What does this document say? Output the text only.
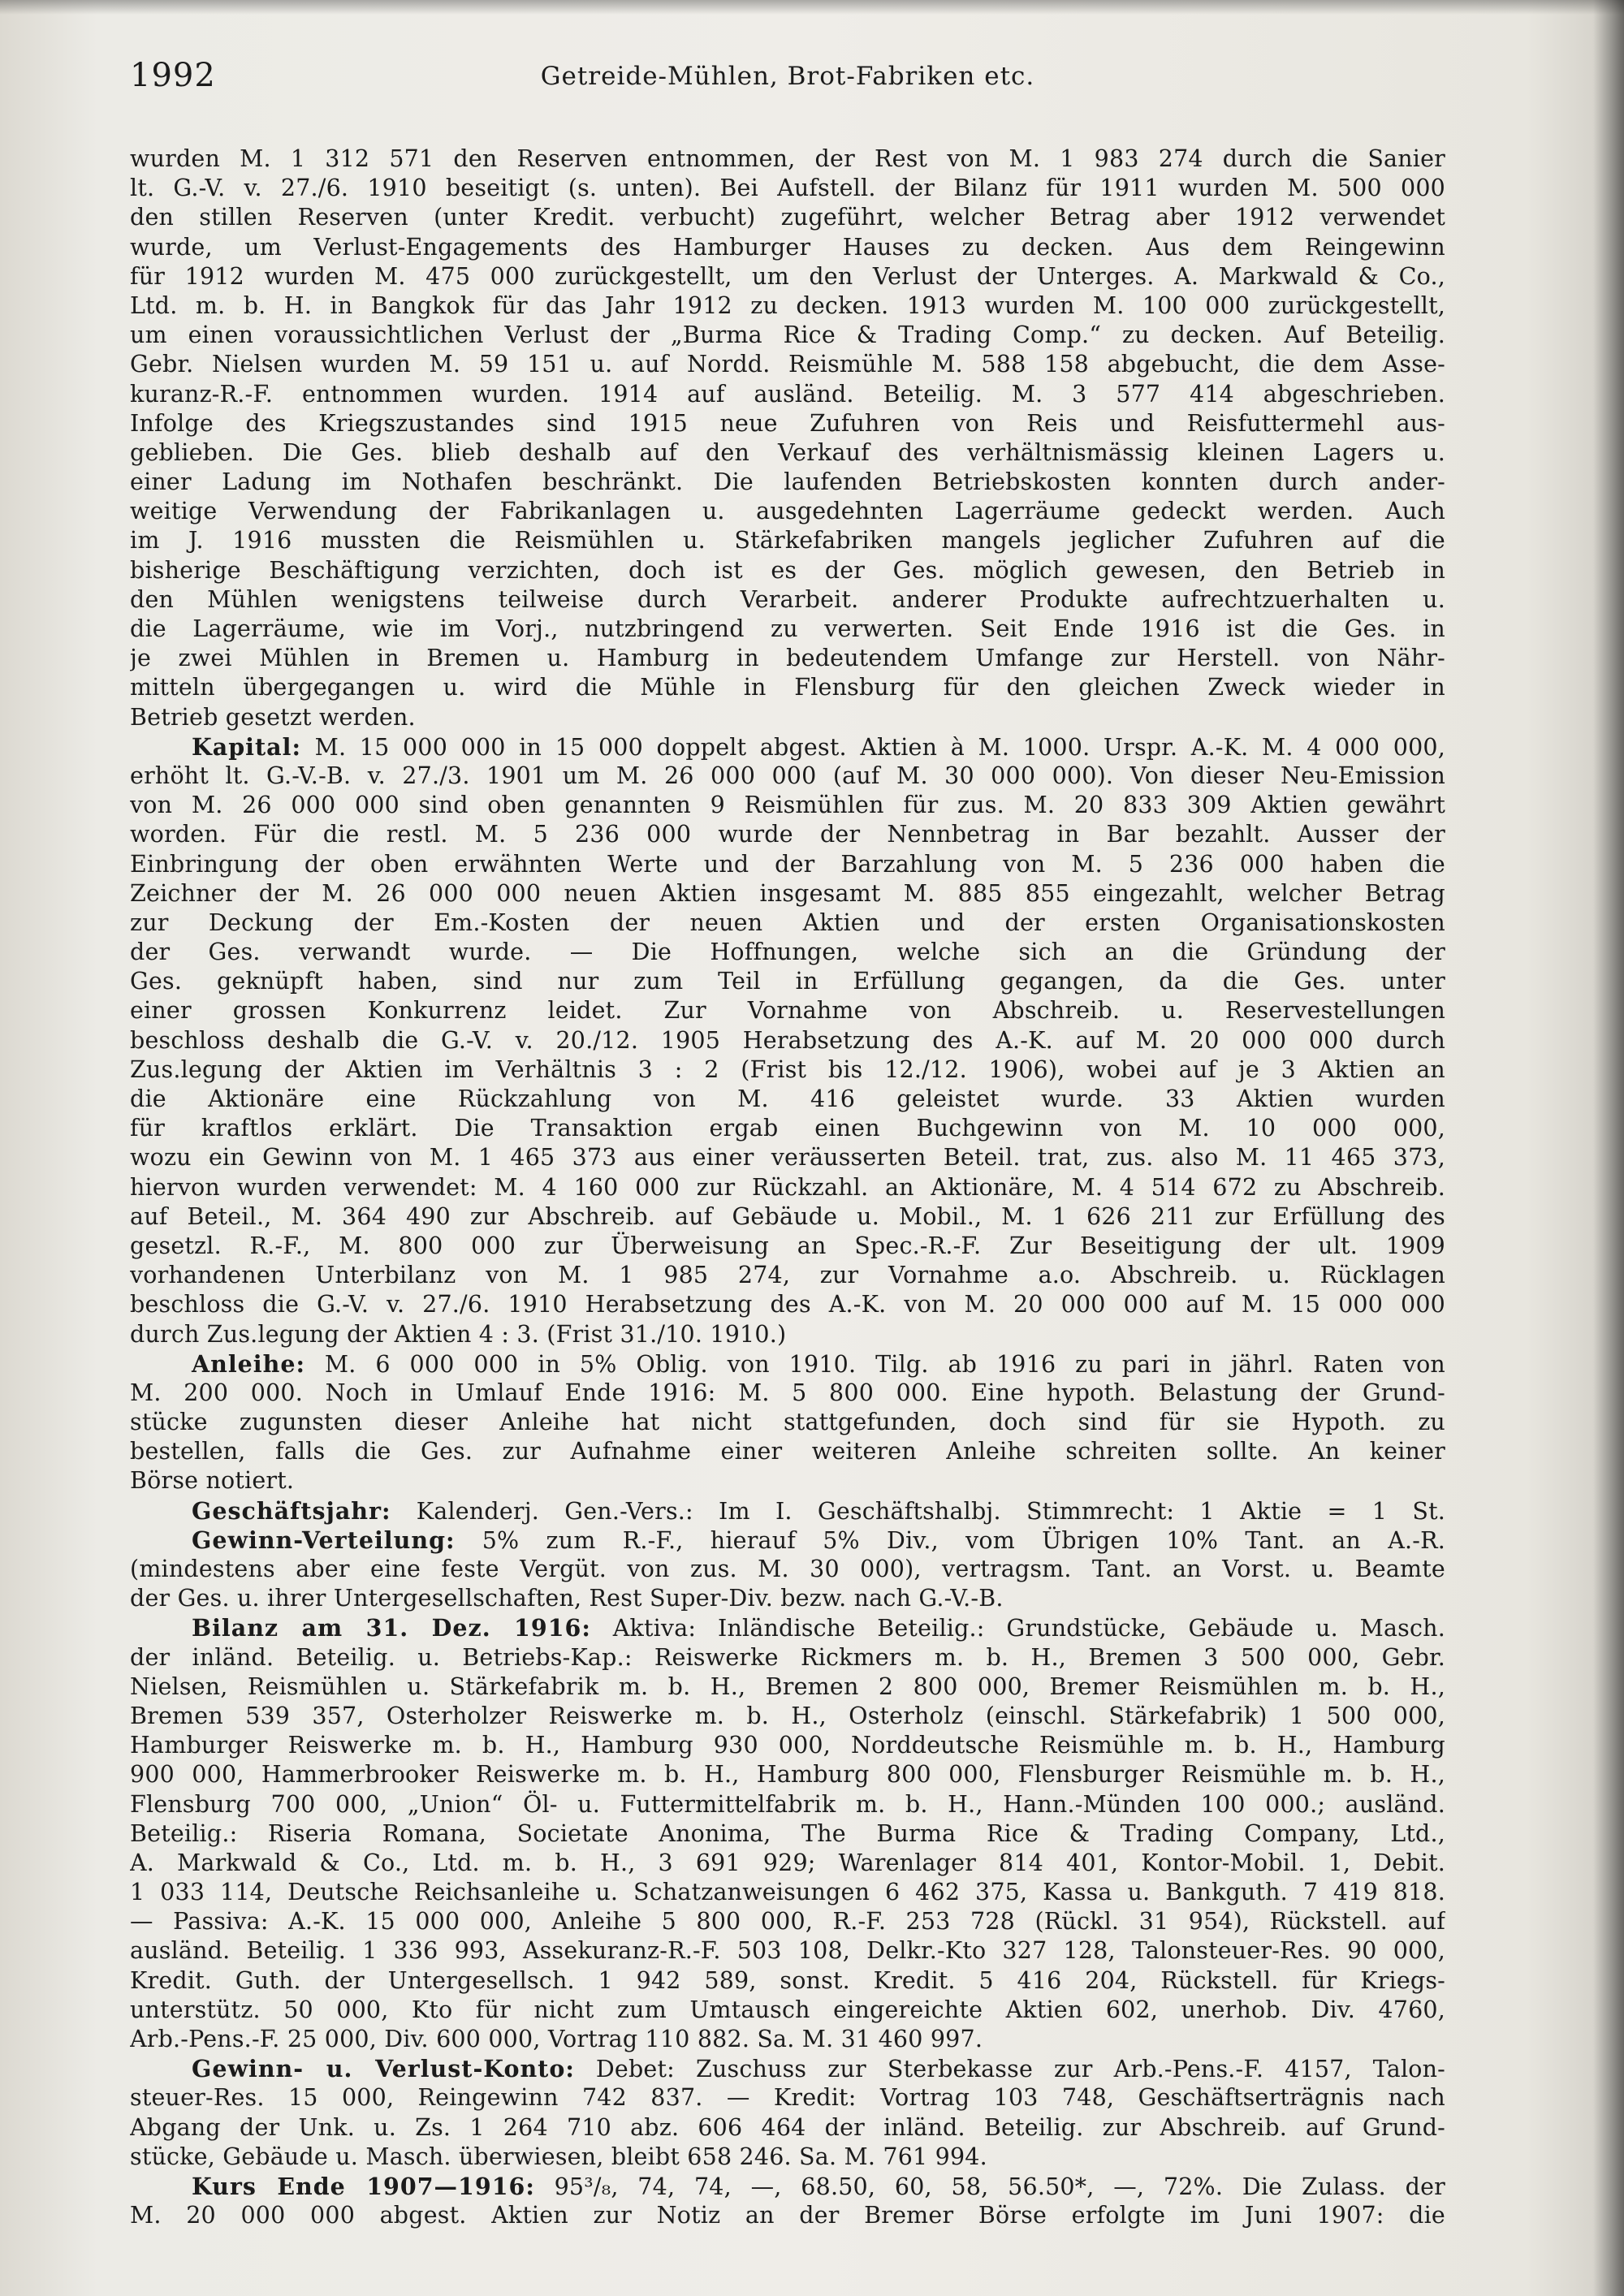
1992	Getreide-Mühlen, Brot-Fabriken etc.
wurden M. 1 312 571 den Reserven entnommen, der Rest von M. 1 983 274 durch die Sanier
lt. G.-V. v. 27./6. 1910 beseitigt (s. unten). Bei Aufstell. der Bilanz für 1911 wurden M. 500 000
den stillen Reserven (unter Kredit. verbucht) zugeführt, welcher Betrag aber 1912 verwendet
wurde, um Verlust-Engagements des Hamburger Hauses zu decken. Aus dem Reingewinn
für 1912 wurden M. 475 000 zurückgestellt, um den Verlust der Unterges. A. Markwald & Co.,
Ltd. m. b. H. in Bangkok für das Jahr 1912 zu decken. 1913 wurden M. 100 000 zurückgestellt,
um einen voraussichtlichen Verlust der „Burma Rice & Trading Comp.“ zu decken. Auf Beteilig.
Gebr. Nielsen wurden M. 59 151 u. auf Nordd. Reismühle M. 588 158 abgebucht, die dem Asse-
kuranz-R.-F. entnommen wurden. 1914 auf ausländ. Beteilig. M. 3 577 414 abgeschrieben.
Infolge des Kriegszustandes sind 1915 neue Zufuhren von Reis und Reisfuttermehl aus-
geblieben. Die Ges. blieb deshalb auf den Verkauf des verhältnismässig kleinen Lagers u.
einer Ladung im Nothafen beschränkt. Die laufenden Betriebskosten konnten durch ander-
weitige Verwendung der Fabrikanlagen u. ausgedehnten Lagerräume gedeckt werden. Auch
im J. 1916 mussten die Reismühlen u. Stärkefabriken mangels jeglicher Zufuhren auf die
bisherige Beschäftigung verzichten, doch ist es der Ges. möglich gewesen, den Betrieb in
den Mühlen wenigstens teilweise durch Verarbeit. anderer Produkte aufrechtzuerhalten u.
die Lagerräume, wie im Vorj., nutzbringend zu verwerten. Seit Ende 1916 ist die Ges. in
je zwei Mühlen in Bremen u. Hamburg in bedeutendem Umfange zur Herstell. von Nähr-
mitteln übergegangen u. wird die Mühle in Flensburg für den gleichen Zweck wieder in
Betrieb gesetzt werden.
Kapital: M. 15 000 000 in 15 000 doppelt abgest. Aktien à M. 1000. Urspr. A.-K. M. 4 000 000,
erhöht lt. G.-V.-B. v. 27./3. 1901 um M. 26 000 000 (auf M. 30 000 000). Von dieser Neu-Emission
von M. 26 000 000 sind oben genannten 9 Reismühlen für zus. M. 20 833 309 Aktien gewährt
worden. Für die restl. M. 5 236 000 wurde der Nennbetrag in Bar bezahlt. Ausser der
Einbringung der oben erwähnten Werte und der Barzahlung von M. 5 236 000 haben die
Zeichner der M. 26 000 000 neuen Aktien insgesamt M. 885 855 eingezahlt, welcher Betrag
zur Deckung der Em.-Kosten der neuen Aktien und der ersten Organisationskosten
der Ges. verwandt wurde. — Die Hoffnungen, welche sich an die Gründung der
Ges. geknüpft haben, sind nur zum Teil in Erfüllung gegangen, da die Ges. unter
einer grossen Konkurrenz leidet. Zur Vornahme von Abschreib. u. Reservestellungen
beschloss deshalb die G.-V. v. 20./12. 1905 Herabsetzung des A.-K. auf M. 20 000 000 durch
Zus.legung der Aktien im Verhältnis 3 : 2 (Frist bis 12./12. 1906), wobei auf je 3 Aktien an
die Aktionäre eine Rückzahlung von M. 416 geleistet wurde. 33 Aktien wurden
für kraftlos erklärt. Die Transaktion ergab einen Buchgewinn von M. 10 000 000,
wozu ein Gewinn von M. 1 465 373 aus einer veräusserten Beteil. trat, zus. also M. 11 465 373,
hiervon wurden verwendet: M. 4 160 000 zur Rückzahl. an Aktionäre, M. 4 514 672 zu Abschreib.
auf Beteil., M. 364 490 zur Abschreib. auf Gebäude u. Mobil., M. 1 626 211 zur Erfüllung des
gesetzl. R.-F., M. 800 000 zur Überweisung an Spec.-R.-F. Zur Beseitigung der ult. 1909
vorhandenen Unterbilanz von M. 1 985 274, zur Vornahme a.o. Abschreib. u. Rücklagen
beschloss die G.-V. v. 27./6. 1910 Herabsetzung des A.-K. von M. 20 000 000 auf M. 15 000 000
durch Zus.legung der Aktien 4 : 3. (Frist 31./10. 1910.)
Anleihe: M. 6 000 000 in 5% Oblig. von 1910. Tilg. ab 1916 zu pari in jährl. Raten von
M. 200 000. Noch in Umlauf Ende 1916: M. 5 800 000. Eine hypoth. Belastung der Grund-
stücke zugunsten dieser Anleihe hat nicht stattgefunden, doch sind für sie Hypoth. zu
bestellen, falls die Ges. zur Aufnahme einer weiteren Anleihe schreiten sollte. An keiner
Börse notiert.
Geschäftsjahr: Kalenderj. Gen.-Vers.: Im I. Geschäftshalbj. Stimmrecht: 1 Aktie = 1 St.
Gewinn-Verteilung: 5% zum R.-F., hierauf 5% Div., vom Übrigen 10% Tant. an A.-R.
(mindestens aber eine feste Vergüt. von zus. M. 30 000), vertragsm. Tant. an Vorst. u. Beamte
der Ges. u. ihrer Untergesellschaften, Rest Super-Div. bezw. nach G.-V.-B.
Bilanz am 31. Dez. 1916: Aktiva: Inländische Beteilig.: Grundstücke, Gebäude u. Masch.
der inländ. Beteilig. u. Betriebs-Kap.: Reiswerke Rickmers m. b. H., Bremen 3 500 000, Gebr.
Nielsen, Reismühlen u. Stärkefabrik m. b. H., Bremen 2 800 000, Bremer Reismühlen m. b. H.,
Bremen 539 357, Osterholzer Reiswerke m. b. H., Osterholz (einschl. Stärkefabrik) 1 500 000,
Hamburger Reiswerke m. b. H., Hamburg 930 000, Norddeutsche Reismühle m. b. H., Hamburg
900 000, Hammerbrooker Reiswerke m. b. H., Hamburg 800 000, Flensburger Reismühle m. b. H.,
Flensburg 700 000, „Union“ Öl- u. Futtermittelfabrik m. b. H., Hann.-Münden 100 000.; ausländ.
Beteilig.: Riseria Romana, Societate Anonima, The Burma Rice & Trading Company, Ltd.,
A. Markwald & Co., Ltd. m. b. H., 3 691 929; Warenlager 814 401, Kontor-Mobil. 1, Debit.
1 033 114, Deutsche Reichsanleihe u. Schatzanweisungen 6 462 375, Kassa u. Bankguth. 7 419 818.
— Passiva: A.-K. 15 000 000, Anleihe 5 800 000, R.-F. 253 728 (Rückl. 31 954), Rückstell. auf
ausländ. Beteilig. 1 336 993, Assekuranz-R.-F. 503 108, Delkr.-Kto 327 128, Talonsteuer-Res. 90 000,
Kredit. Guth. der Untergesellsch. 1 942 589, sonst. Kredit. 5 416 204, Rückstell. für Kriegs-
unterstütz. 50 000, Kto für nicht zum Umtausch eingereichte Aktien 602, unerhob. Div. 4760,
Arb.-Pens.-F. 25 000, Div. 600 000, Vortrag 110 882. Sa. M. 31 460 997.
Gewinn- u. Verlust-Konto: Debet: Zuschuss zur Sterbekasse zur Arb.-Pens.-F. 4157, Talon-
steuer-Res. 15 000, Reingewinn 742 837. — Kredit: Vortrag 103 748, Geschäftserträgnis nach
Abgang der Unk. u. Zs. 1 264 710 abz. 606 464 der inländ. Beteilig. zur Abschreib. auf Grund-
stücke, Gebäude u. Masch. überwiesen, bleibt 658 246. Sa. M. 761 994.
Kurs Ende 1907—1916: 95³/₈, 74, 74, —, 68.50, 60, 58, 56.50*, —, 72%. Die Zulass. der
M. 20 000 000 abgest. Aktien zur Notiz an der Bremer Börse erfolgte im Juni 1907: die
